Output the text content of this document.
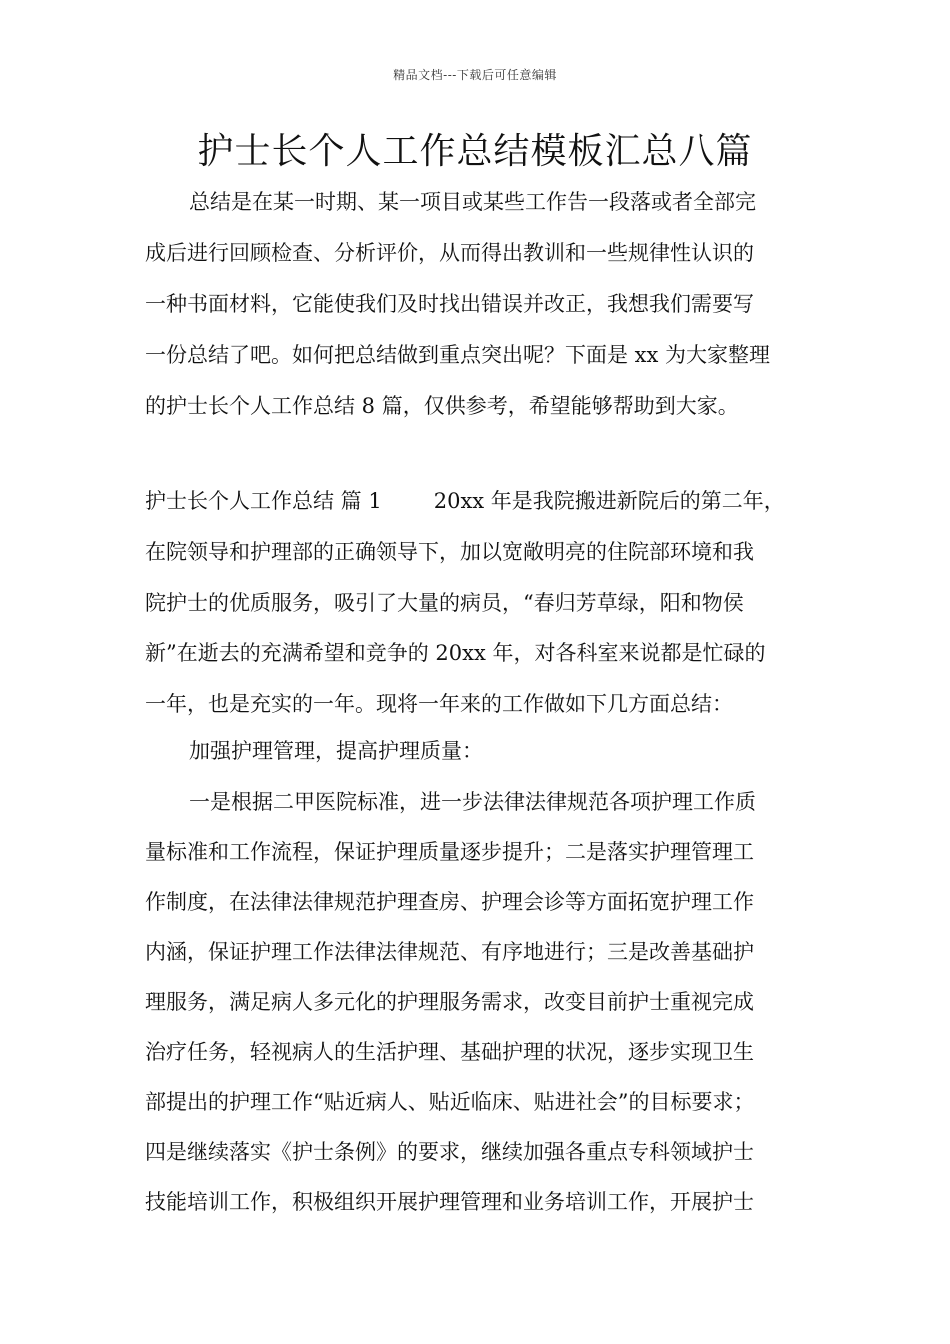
精品文档---下载后可任意编辑
护士长个人工作总结模板汇总八篇
总结是在某一时期、某一项目或某些工作告一段落或者全部完
成后进行回顾检查、分析评价，从而得出教训和一些规律性认识的
一种书面材料，它能使我们及时找出错误并改正，我想我们需要写
一份总结了吧。如何把总结做到重点突出呢？下面是 xx 为大家整理
的护士长个人工作总结 8 篇，仅供参考，希望能够帮助到大家。
护士长个人工作总结 篇 1 20xx 年是我院搬进新院后的第二年，
在院领导和护理部的正确领导下，加以宽敞明亮的住院部环境和我
院护士的优质服务，吸引了大量的病员，“春归芳草绿，阳和物侯
新”在逝去的充满希望和竞争的 20xx 年，对各科室来说都是忙碌的
一年，也是充实的一年。现将一年来的工作做如下几方面总结：
加强护理管理，提高护理质量：
一是根据二甲医院标准，进一步法律法律规范各项护理工作质
量标准和工作流程，保证护理质量逐步提升；二是落实护理管理工
作制度，在法律法律规范护理查房、护理会诊等方面拓宽护理工作
内涵，保证护理工作法律法律规范、有序地进行；三是改善基础护
理服务，满足病人多元化的护理服务需求，改变目前护士重视完成
治疗任务，轻视病人的生活护理、基础护理的状况，逐步实现卫生
部提出的护理工作“贴近病人、贴近临床、贴进社会”的目标要求；
四是继续落实《护士条例》的要求，继续加强各重点专科领域护士
技能培训工作，积极组织开展护理管理和业务培训工作，开展护士
